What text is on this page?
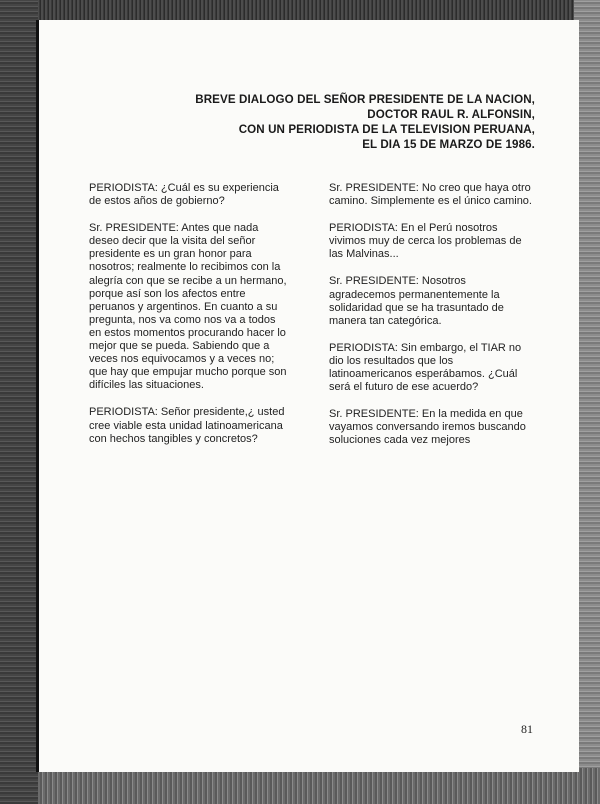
BREVE DIALOGO DEL SEÑOR PRESIDENTE DE LA NACION,
DOCTOR RAUL R. ALFONSIN,
CON UN PERIODISTA DE LA TELEVISION PERUANA,
EL DIA 15 DE MARZO DE 1986.

PERIODISTA: ¿Cuál es su experiencia de estos años de gobierno?

Sr. PRESIDENTE: Antes que nada deseo decir que la visita del señor presidente es un gran honor para nosotros; realmente lo recibimos con la alegría con que se recibe a un hermano, porque así son los afectos entre peruanos y argentinos. En cuanto a su pregunta, nos va como nos va a todos en estos momentos procurando hacer lo mejor que se pueda. Sabiendo que a veces nos equivocamos y a veces no; que hay que empujar mucho porque son difíciles las situaciones.

PERIODISTA: Señor presidente,¿ usted cree viable esta unidad latinoamericana con hechos tangibles y concretos?

Sr. PRESIDENTE: No creo que haya otro camino. Simplemente es el único camino.

PERIODISTA: En el Perú nosotros vivimos muy de cerca los problemas de las Malvinas...

Sr. PRESIDENTE: Nosotros agradecemos permanentemente la solidaridad que se ha trasuntado de manera tan categórica.

PERIODISTA: Sin embargo, el TIAR no dio los resultados que los latinoamericanos esperábamos. ¿Cuál será el futuro de ese acuerdo?

Sr. PRESIDENTE: En la medida en que vayamos conversando iremos buscando soluciones cada vez mejores

81
